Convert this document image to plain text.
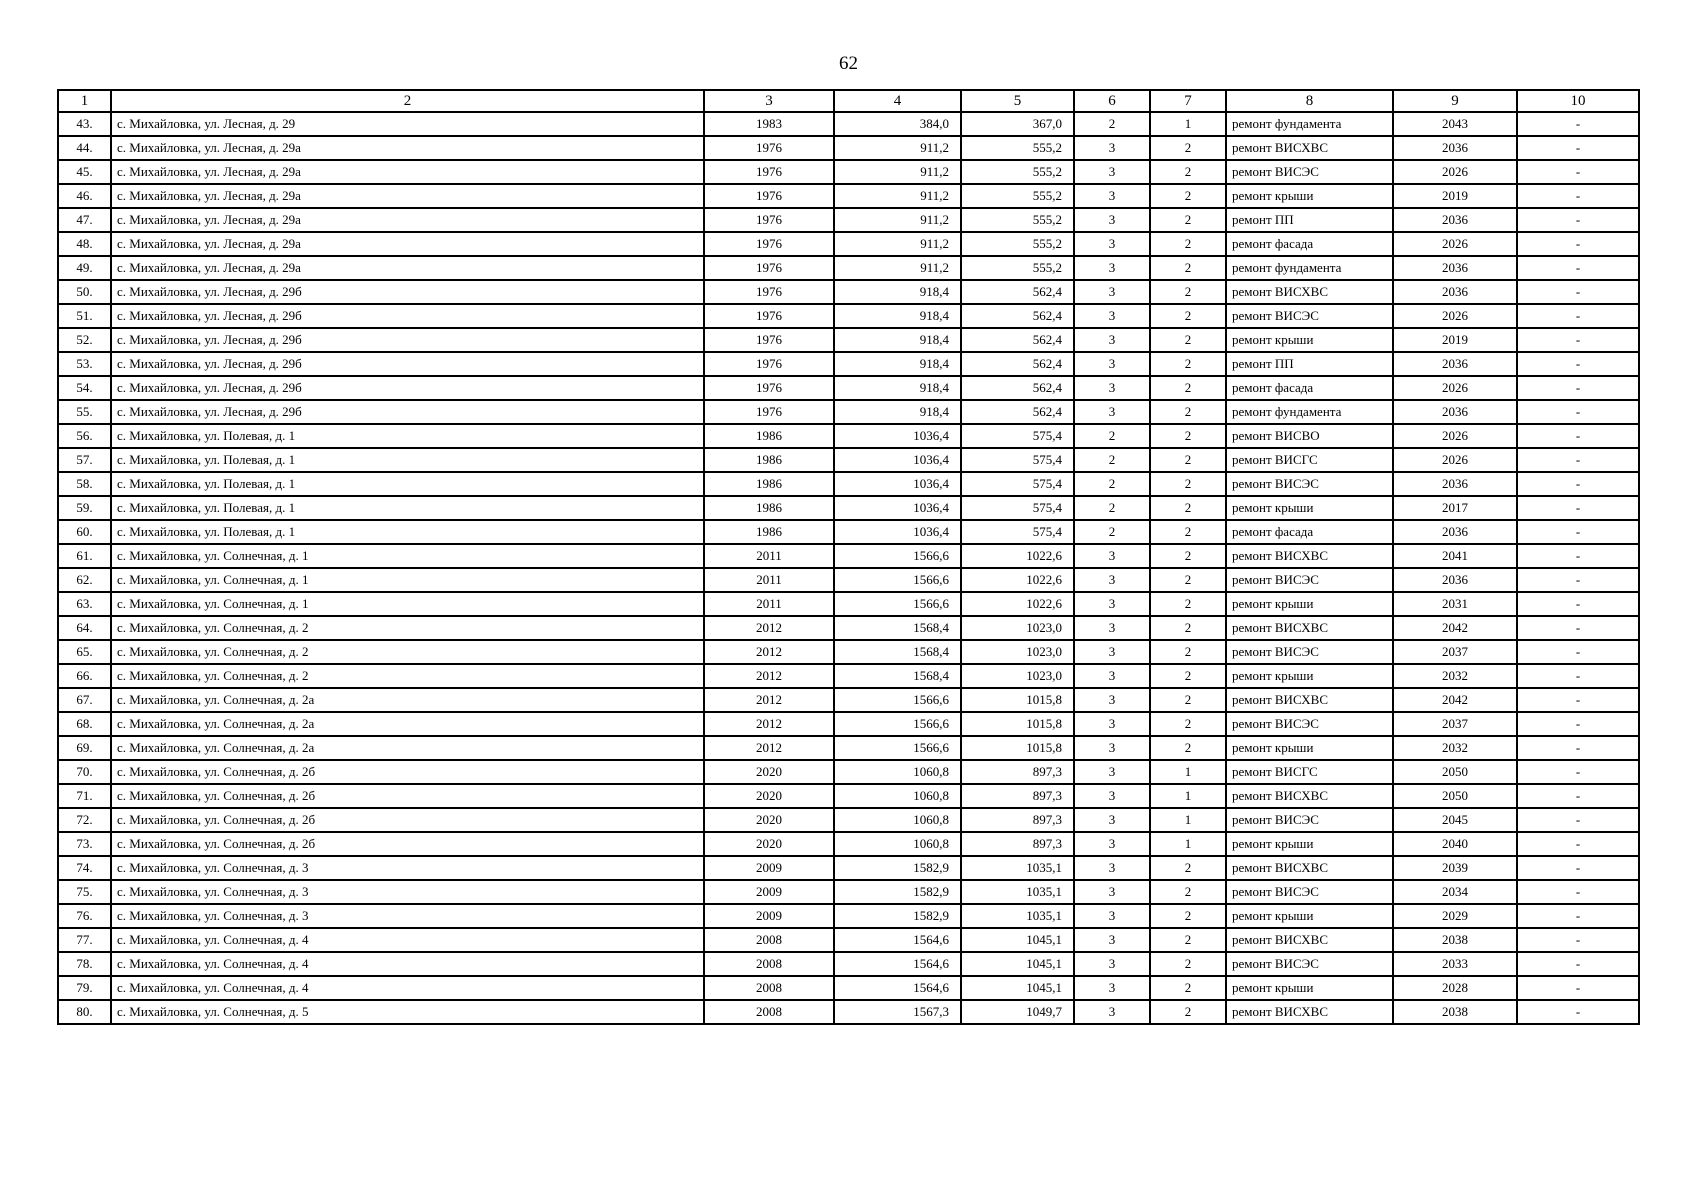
62
1	2	3	4	5	6	7	8	9	10
43.	с. Михайловка, ул. Лесная, д. 29	1983	384,0	367,0	2	1	ремонт фундамента	2043	-
44.	с. Михайловка, ул. Лесная, д. 29а	1976	911,2	555,2	3	2	ремонт ВИСХВС	2036	-
45.	с. Михайловка, ул. Лесная, д. 29а	1976	911,2	555,2	3	2	ремонт ВИСЭС	2026	-
46.	с. Михайловка, ул. Лесная, д. 29а	1976	911,2	555,2	3	2	ремонт крыши	2019	-
47.	с. Михайловка, ул. Лесная, д. 29а	1976	911,2	555,2	3	2	ремонт ПП	2036	-
48.	с. Михайловка, ул. Лесная, д. 29а	1976	911,2	555,2	3	2	ремонт фасада	2026	-
49.	с. Михайловка, ул. Лесная, д. 29а	1976	911,2	555,2	3	2	ремонт фундамента	2036	-
50.	с. Михайловка, ул. Лесная, д. 29б	1976	918,4	562,4	3	2	ремонт ВИСХВС	2036	-
51.	с. Михайловка, ул. Лесная, д. 29б	1976	918,4	562,4	3	2	ремонт ВИСЭС	2026	-
52.	с. Михайловка, ул. Лесная, д. 29б	1976	918,4	562,4	3	2	ремонт крыши	2019	-
53.	с. Михайловка, ул. Лесная, д. 29б	1976	918,4	562,4	3	2	ремонт ПП	2036	-
54.	с. Михайловка, ул. Лесная, д. 29б	1976	918,4	562,4	3	2	ремонт фасада	2026	-
55.	с. Михайловка, ул. Лесная, д. 29б	1976	918,4	562,4	3	2	ремонт фундамента	2036	-
56.	с. Михайловка, ул. Полевая, д. 1	1986	1036,4	575,4	2	2	ремонт ВИСВО	2026	-
57.	с. Михайловка, ул. Полевая, д. 1	1986	1036,4	575,4	2	2	ремонт ВИСГС	2026	-
58.	с. Михайловка, ул. Полевая, д. 1	1986	1036,4	575,4	2	2	ремонт ВИСЭС	2036	-
59.	с. Михайловка, ул. Полевая, д. 1	1986	1036,4	575,4	2	2	ремонт крыши	2017	-
60.	с. Михайловка, ул. Полевая, д. 1	1986	1036,4	575,4	2	2	ремонт фасада	2036	-
61.	с. Михайловка, ул. Солнечная, д. 1	2011	1566,6	1022,6	3	2	ремонт ВИСХВС	2041	-
62.	с. Михайловка, ул. Солнечная, д. 1	2011	1566,6	1022,6	3	2	ремонт ВИСЭС	2036	-
63.	с. Михайловка, ул. Солнечная, д. 1	2011	1566,6	1022,6	3	2	ремонт крыши	2031	-
64.	с. Михайловка, ул. Солнечная, д. 2	2012	1568,4	1023,0	3	2	ремонт ВИСХВС	2042	-
65.	с. Михайловка, ул. Солнечная, д. 2	2012	1568,4	1023,0	3	2	ремонт ВИСЭС	2037	-
66.	с. Михайловка, ул. Солнечная, д. 2	2012	1568,4	1023,0	3	2	ремонт крыши	2032	-
67.	с. Михайловка, ул. Солнечная, д. 2а	2012	1566,6	1015,8	3	2	ремонт ВИСХВС	2042	-
68.	с. Михайловка, ул. Солнечная, д. 2а	2012	1566,6	1015,8	3	2	ремонт ВИСЭС	2037	-
69.	с. Михайловка, ул. Солнечная, д. 2а	2012	1566,6	1015,8	3	2	ремонт крыши	2032	-
70.	с. Михайловка, ул. Солнечная, д. 2б	2020	1060,8	897,3	3	1	ремонт ВИСГС	2050	-
71.	с. Михайловка, ул. Солнечная, д. 2б	2020	1060,8	897,3	3	1	ремонт ВИСХВС	2050	-
72.	с. Михайловка, ул. Солнечная, д. 2б	2020	1060,8	897,3	3	1	ремонт ВИСЭС	2045	-
73.	с. Михайловка, ул. Солнечная, д. 2б	2020	1060,8	897,3	3	1	ремонт крыши	2040	-
74.	с. Михайловка, ул. Солнечная, д. 3	2009	1582,9	1035,1	3	2	ремонт ВИСХВС	2039	-
75.	с. Михайловка, ул. Солнечная, д. 3	2009	1582,9	1035,1	3	2	ремонт ВИСЭС	2034	-
76.	с. Михайловка, ул. Солнечная, д. 3	2009	1582,9	1035,1	3	2	ремонт крыши	2029	-
77.	с. Михайловка, ул. Солнечная, д. 4	2008	1564,6	1045,1	3	2	ремонт ВИСХВС	2038	-
78.	с. Михайловка, ул. Солнечная, д. 4	2008	1564,6	1045,1	3	2	ремонт ВИСЭС	2033	-
79.	с. Михайловка, ул. Солнечная, д. 4	2008	1564,6	1045,1	3	2	ремонт крыши	2028	-
80.	с. Михайловка, ул. Солнечная, д. 5	2008	1567,3	1049,7	3	2	ремонт ВИСХВС	2038	-
